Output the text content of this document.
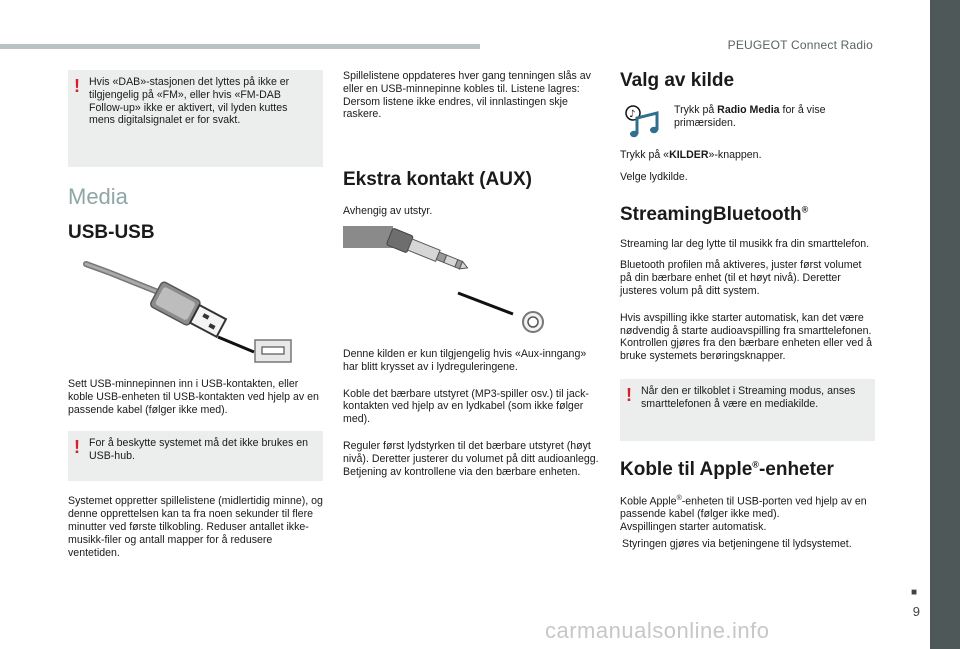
PEUGEOT Connect Radio
■
9
carmanualsonline.info
! Hvis «DAB»-stasjonen det lyttes på ikke er tilgjengelig på «FM», eller hvis «FM-DAB Follow-up» ikke er aktivert, vil lyden kuttes mens digitalsignalet er for svakt.

Media
USB-USB

Sett USB-minnepinnen inn i USB-kontakten, eller koble USB-enheten til USB-kontakten ved hjelp av en passende kabel (følger ikke med).

! For å beskytte systemet må det ikke brukes en USB-hub.

Systemet oppretter spillelistene (midlertidig minne), og denne opprettelsen kan ta fra noen sekunder til flere minutter ved første tilkobling. Reduser antallet ikke-musikk-filer og antall mapper for å redusere ventetiden.

Spillelistene oppdateres hver gang tenningen slås av eller en USB-minnepinne kobles til. Listene lagres: Dersom listene ikke endres, vil innlastingen skje raskere.

Ekstra kontakt (AUX)

Avhengig av utstyr.

Denne kilden er kun tilgjengelig hvis «Aux-inngang» har blitt krysset av i lydreguleringene.

Koble det bærbare utstyret (MP3-spiller osv.) til jack-kontakten ved hjelp av en lydkabel (som ikke følger med).

Reguler først lydstyrken til det bærbare utstyret (høyt nivå). Deretter justerer du volumet på ditt audioanlegg.

Betjening av kontrollene via den bærbare enheten.

Valg av kilde
♪	Trykk på Radio Media for å vise primærsiden.

Trykk på «KILDER»-knappen.

Velge lydkilde.

StreamingBluetooth®

Streaming lar deg lytte til musikk fra din smarttelefon.

Bluetooth profilen må aktiveres, juster først volumet på din bærbare enhet (til et høyt nivå). Deretter justeres volum på ditt system.

Hvis avspilling ikke starter automatisk, kan det være nødvendig å starte audioavspilling fra smarttelefonen.

Kontrollen gjøres fra den bærbare enheten eller ved å bruke systemets berøringsknapper.

! Når den er tilkoblet i Streaming modus, anses smarttelefonen å være en mediakilde.

Koble til Apple®-enheter

Koble Apple®-enheten til USB-porten ved hjelp av en passende kabel (følger ikke med).

Avspillingen starter automatisk.

Styringen gjøres via betjeningene til lydsystemet.
